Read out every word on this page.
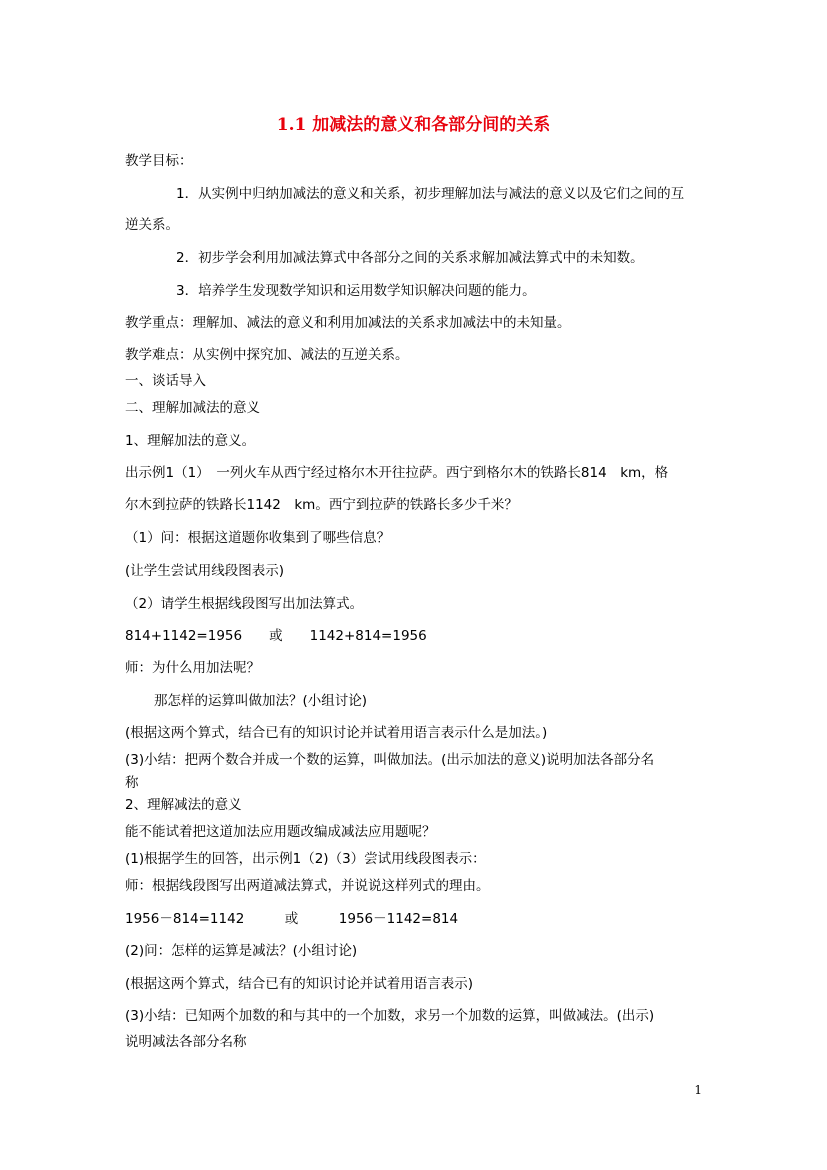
1.1 加减法的意义和各部分间的关系
教学目标：
1．从实例中归纳加减法的意义和关系，初步理解加法与减法的意义以及它们之间的互
逆关系。
2．初步学会利用加减法算式中各部分之间的关系求解加减法算式中的未知数。
3．培养学生发现数学知识和运用数学知识解决问题的能力。
教学重点：理解加、减法的意义和利用加减法的关系求加减法中的未知量。
教学难点：从实例中探究加、减法的互逆关系。
一、谈话导入
二、理解加减法的意义
1、理解加法的意义。
出示例1（1）　一列火车从西宁经过格尔木开往拉萨。西宁到格尔木的铁路长814　km，格
尔木到拉萨的铁路长1142　km。西宁到拉萨的铁路长多少千米？
（1）问：根据这道题你收集到了哪些信息？
(让学生尝试用线段图表示)
（2）请学生根据线段图写出加法算式。
814+1142=1956　　或　　1142+814=1956
师：为什么用加法呢？
那怎样的运算叫做加法？(小组讨论)
(根据这两个算式，结合已有的知识讨论并试着用语言表示什么是加法。)
(3)小结：把两个数合并成一个数的运算，叫做加法。(出示加法的意义)说明加法各部分名
称
2、理解减法的意义
能不能试着把这道加法应用题改编成减法应用题呢？
(1)根据学生的回答，出示例1（2)（3）尝试用线段图表示：
师：根据线段图写出两道减法算式，并说说这样列式的理由。
1956－814=1142　　　或　　　1956－1142=814
(2)问：怎样的运算是减法？(小组讨论)
(根据这两个算式，结合已有的知识讨论并试着用语言表示)
(3)小结：已知两个加数的和与其中的一个加数，求另一个加数的运算，叫做减法。(出示)
说明减法各部分名称
1
